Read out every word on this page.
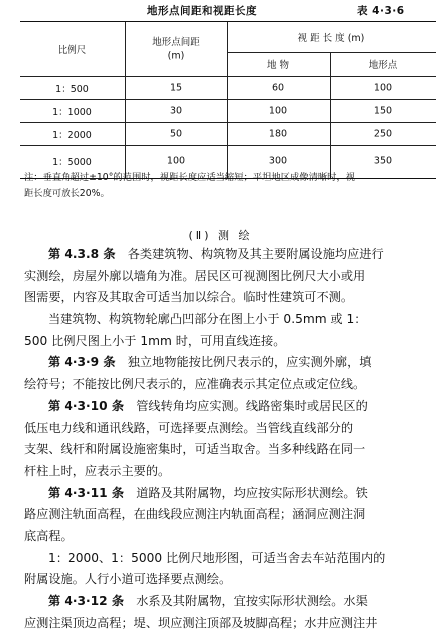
地形点间距和视距长度	表 4·3·6
比例尺
地形点间距
(m)
视 距 长 度 (m)
地 物	地形点
1：500	15	60	100
1：1000	30	100	150
1：2000	50	180	250
1：5000	100	300	350
注：垂直角超过±10°的范围时，视距长度应适当缩短；平坦地区成像清晰时，视
距长度可放长20%。
(Ⅱ) 测 绘
第 4.3.8 条　 各类建筑物、构筑物及其主要附属设施均应进行
实测绘，房屋外廓以墙角为准。居民区可视测图比例尺大小或用
图需要，内容及其取舍可适当加以综合。临时性建筑可不测。
当建筑物、构筑物轮廓凸凹部分在图上小于 0.5mm 或 1：
500 比例尺图上小于 1mm 时，可用直线连接。
第 4·3·9 条　 独立地物能按比例尺表示的，应实测外廓，填
绘符号；不能按比例尺表示的，应准确表示其定位点或定位线。
第 4·3·10 条　 管线转角均应实测。线路密集时或居民区的
低压电力线和通讯线路，可选择要点测绘。当管线直线部分的
支架、线杆和附属设施密集时，可适当取舍。当多种线路在同一
杆柱上时，应表示主要的。
第 4·3·11 条　 道路及其附属物，均应按实际形状测绘。铁
路应测注轨面高程，在曲线段应测注内轨面高程；涵洞应测注洞
底高程。
1：2000、1：5000 比例尺地形图，可适当舍去车站范围内的
附属设施。人行小道可选择要点测绘。
第 4·3·12 条　 水系及其附属物，宜按实际形状测绘。水渠
应测注渠顶边高程；堤、坝应测注顶部及坡脚高程；水井应测注井
